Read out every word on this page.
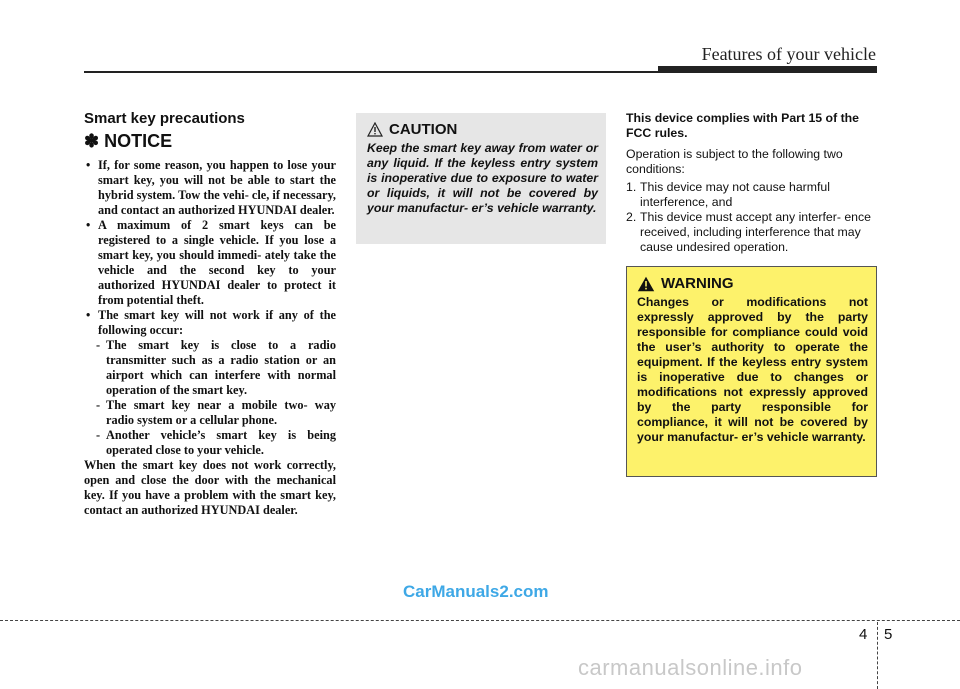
Features of your vehicle
Smart key precautions
✽ NOTICE

• If, for some reason, you happen to lose your smart key, you will not be able to start the hybrid system. Tow the vehi- cle, if necessary, and contact an authorized HYUNDAI dealer.

• A maximum of 2 smart keys can be registered to a single vehicle. If you lose a smart key, you should immedi- ately take the vehicle and the second key to your authorized HYUNDAI dealer to protect it from potential theft.

• The smart key will not work if any of the following occur:

- The smart key is close to a radio transmitter such as a radio station or an airport which can interfere with normal operation of the smart key.

- The smart key near a mobile two- way radio system or a cellular phone.

- Another vehicle’s smart key is being operated close to your vehicle.

When the smart key does not work correctly, open and close the door with the mechanical key. If you have a problem with the smart key, contact an authorized HYUNDAI dealer.

CAUTION
Keep the smart key away from water or any liquid. If the keyless entry system is inoperative due to exposure to water or liquids, it will not be covered by your manufactur- er’s vehicle warranty.

This device complies with Part 15 of the FCC rules.

Operation is subject to the following two conditions:

1. This device may not cause harmful interference, and

2. This device must accept any interfer- ence received, including interference that may cause undesired operation.

WARNING
Changes or modifications not expressly approved by the party responsible for compliance could void the user’s authority to operate the equipment. If the keyless entry system is inoperative due to changes or modifications not expressly approved by the party responsible for compliance, it will not be covered by your manufactur- er’s vehicle warranty.
CarManuals2.com
4 5
carmanualsonline.info
